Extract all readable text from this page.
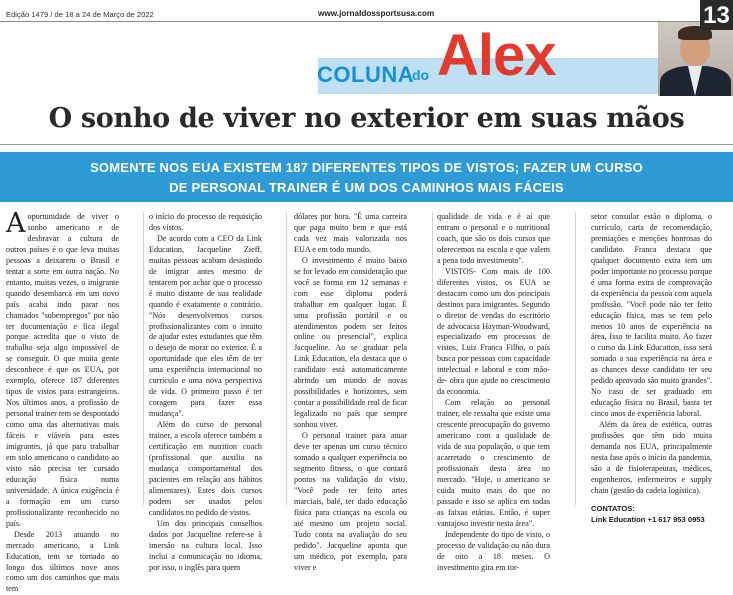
Edição 1479 / de 18 a 24 de Março de 2022	www.jornaldossportsusa.com	13
COLUNA
do Alex
O sonho de viver no exterior em suas mãos
SOMENTE NOS EUA EXISTEM 187 DIFERENTES TIPOS DE VISTOS; FAZER UM CURSO
DE PERSONAL TRAINER É UM DOS CAMINHOS MAIS FÁCEIS

Aoportunidade de viver o sonho americano e de desbravar a cultura de outros países é o que leva muitas pessoas a deixarem o Brasil e tentar a sorte em outra nação. No entanto, muitas vezes, o imigrante quando desembarca em um novo país acaba indo parar nos chamados "subempregos" por não ter documentação e fica ilegal porque acredita que o visto de trabalho seja algo impossível de se conseguir. O que muita gente desconhece é que os EUA, por exemplo, oferece 187 diferentes tipos de vistos para estrangeiros. Nos últimos anos, a profissão de personal trainer tem se despontado como uma das alternativas mais fáceis e viáveis para estes imigrantes, já que para trabalhar em solo americano o candidato ao visto não precisa ter cursado educação física numa universidade. A única exigência é a formação em um curso profissionalizante reconhecido no país.

Desde 2013 atuando no mercado americano, a Link Education, tem se tornado ao longo dos últimos nove anos como um dos caminhos que mais tem

o início do processo de requisição dos vistos.

De acordo com a CEO da Link Education, Jacqueline Zieff, muitas pessoas acabam desistindo de imigrar antes mesmo de tentarem por achar que o processo é muito distante de sua realidade quando é exatamente o contrário. "Nós desenvolvemos cursos profissionalizantes com o intuito de ajudar estes estudantes que têm o desejo de morar no exterior. É a oportunidade que eles têm de ter uma experiência internacional no currículo e uma nova perspectiva de vida. O primeiro passo é ter coragem para fazer essa mudança".

Além do curso de personal trainer, a escola oferece também a certificação em nutrition coach (profissional que auxilia na mudança comportamental dos pacientes em relação aos hábitos alimentares). Estes dois cursos podem ser usados pelos candidatos no pedido de vistos.

Um dos principais conselhos dados por Jacqueline refere-se à imersão na cultura local. Isso inclui a comunicação no idioma, por isso, o inglês para quem

dólares por hora. "É uma carreira que paga muito bem e que está cada vez mais valorizada nos EUA e em todo mundo.

O investimento é muito baixo se for levado em consideração que você se forma em 12 semanas e com esse diploma poderá trabalhar em qualquer lugar. É uma profissão portátil e os atendimentos podem ser feitos online ou presencial", explica Jacqueline. Ao se graduar pela Link Education, ela destaca que o candidato está automaticamente abrindo um mundo de novas possibilidades e horizontes, sem contar a possibilidade real de ficar legalizado no país que sempre sonhou viver.

O personal trainer para atuar deve ter apenas um curso técnico somado a qualquer experiência no segmento fitness, o que contará pontos na validação do visto. "Você pode ter feito artes marciais, balé, ter dado educação física para crianças na escola ou até mesmo um projeto social. Tudo conta na avaliação do seu pedido". Jacqueline aponta que um médico, por exemplo, para viver e

qualidade de vida e é aí que entram o personal e o nutritional coach, que são os dois cursos que oferecemos na escola e que valem a pena todo investimento".

VISTOS- Com mais de 100 diferentes vistos, os EUA se destacam como um dos principais destinos para imigrantes. Segundo o diretor de vendas do escritório de advocacia Hayman-Woodward, especializado em processos de vistos, Luiz Franca Filho, o país busca por pessoas com capacidade intelectual e laboral e com mão- de- obra que ajude no crescimento da economia.

Com relação ao personal trainer, ele ressalta que existe uma crescente preocupação do governo americano com a qualidade de vida de sua população, o que tem acarretado o crescimento de profissionais desta área no mercado. "Hoje, o americano se cuida muito mais do que no passado e isso se aplica em todas as faixas etárias. Então, é super vantajoso investir nesta área".

Independente do tipo de visto, o processo de validação ou não dura de oito a 18 meses. O investimento gira em tor-

setor consular estão o diploma, o currículo, carta de recomendação, premiações e menções honrosas do candidato. Franca destaca que qualquer documento extra tem um poder importante no processo porque é uma forma extra de comprovação da experiência da pessoa com aquela profissão. "Você pode não ter feito educação física, mas se tem pelo menos 10 anos de experiência na área, Isso te facilita muito. Ao fazer o curso da Link Education, isso será somado a sua experiência na área e as chances desse candidato ter seu pedido aprovado são muito grandes". No caso de ser graduado em educação física no Brasil, basta ter cinco anos de experiência laboral.

Além da área de estética, outras profissões que têm tido muita demanda nos EUA, principalmente nesta fase após o início da pandemia, são a de fisioterapeutas, médicos, engenheiros, enfermeiros e supply chain (gestão da cadeia logística).

CONTATOS:
Link Education +1 617 953 0953
